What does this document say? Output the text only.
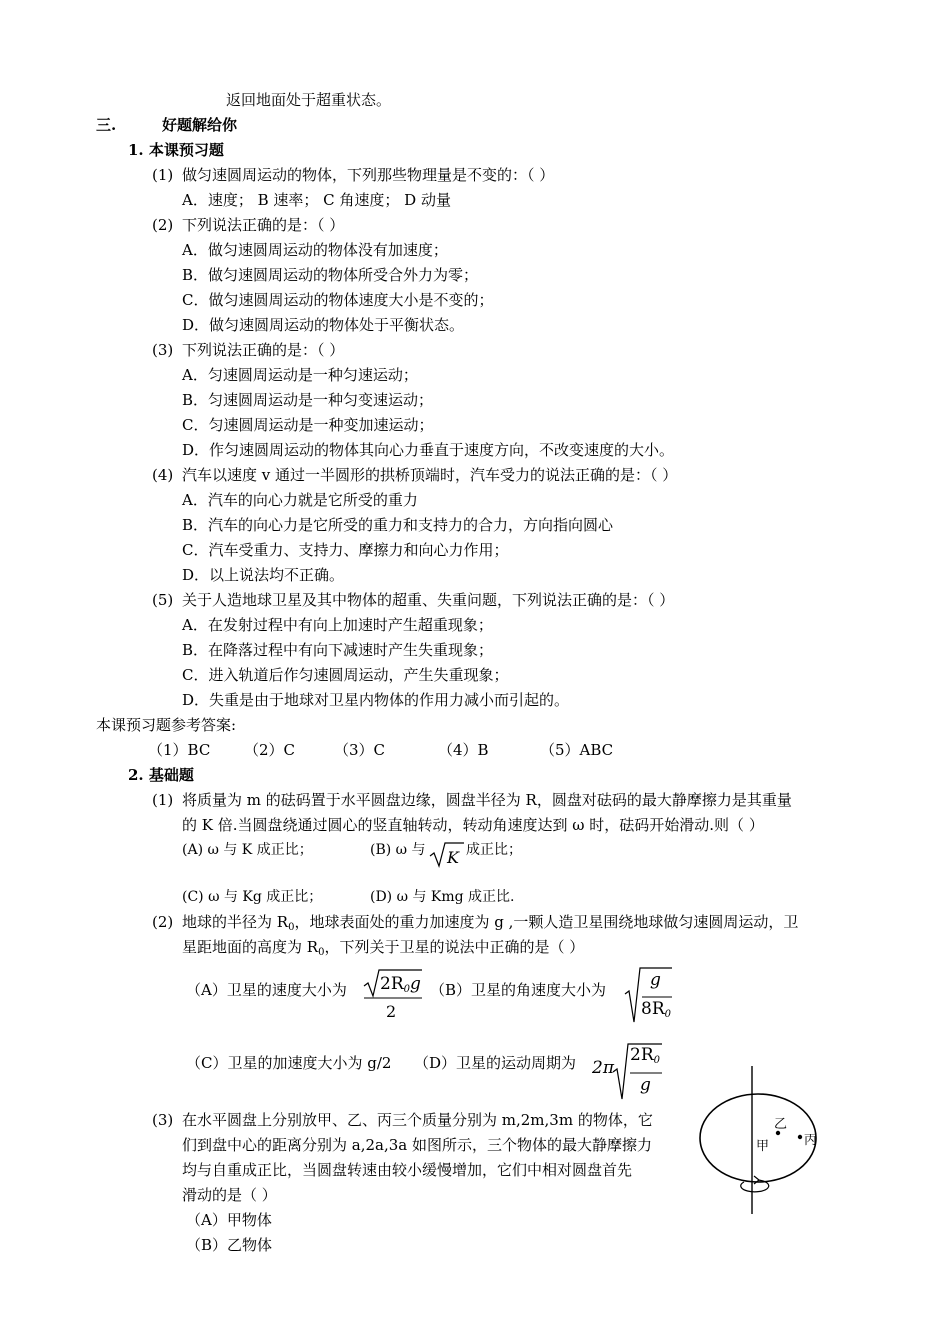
返回地面处于超重状态。
三.	好题解给你
1. 本课预习题
(1) 做匀速圆周运动的物体，下列那些物理量是不变的：（ ）
A．速度； B 速率； C 角速度； D 动量
(2) 下列说法正确的是：（ ）
A．做匀速圆周运动的物体没有加速度；
B．做匀速圆周运动的物体所受合外力为零；
C．做匀速圆周运动的物体速度大小是不变的；
D．做匀速圆周运动的物体处于平衡状态。
(3) 下列说法正确的是：（ ）
A．匀速圆周运动是一种匀速运动；
B．匀速圆周运动是一种匀变速运动；
C．匀速圆周运动是一种变加速运动；
D．作匀速圆周运动的物体其向心力垂直于速度方向，不改变速度的大小。
(4) 汽车以速度 v 通过一半圆形的拱桥顶端时，汽车受力的说法正确的是：（ ）
A．汽车的向心力就是它所受的重力
B．汽车的向心力是它所受的重力和支持力的合力，方向指向圆心
C．汽车受重力、支持力、摩擦力和向心力作用；
D．以上说法均不正确。
(5) 关于人造地球卫星及其中物体的超重、失重问题，下列说法正确的是：（ ）
A．在发射过程中有向上加速时产生超重现象；
B．在降落过程中有向下减速时产生失重现象；
C．进入轨道后作匀速圆周运动，产生失重现象；
D．失重是由于地球对卫星内物体的作用力减小而引起的。
本课预习题参考答案:
（1）BC （2）C	（3）C	（4）B	（5）ABC
2. 基础题
(1) 将质量为 m 的砝码置于水平圆盘边缘，圆盘半径为 R，圆盘对砝码的最大静摩擦力是其重量
的 K 倍.当圆盘绕通过圆心的竖直轴转动，转动角速度达到 ω 时，砝码开始滑动.则（ ）
(A) ω 与 K 成正比；	(B) ω 与 K 成正比；
(C) ω 与 Kg 成正比；	(D) ω 与 Kmg 成正比.
(2) 地球的半径为 $R_0$，地球表面处的重力加速度为 g ,一颗人造卫星围绕地球做匀速圆周运动，卫
星距地面的高度为 $R_0$，下列关于卫星的说法中正确的是（ ）
（A）卫星的速度大小为 $2R_0g$
2
（B）卫星的角速度大小为	g
$8R_0$
（C）卫星的加速度大小为 g/2 （D）卫星的运动周期为 2π
$2R_0$
g
(3) 在水平圆盘上分别放甲、乙、丙三个质量分别为 m,2m,3m 的物体，它
们到盘中心的距离分别为 a,2a,3a 如图所示，三个物体的最大静摩擦力
均与自重成正比，当圆盘转速由较小缓慢增加，它们中相对圆盘首先
滑动的是（ ）
（A）甲物体
（B）乙物体
乙
丙
甲
